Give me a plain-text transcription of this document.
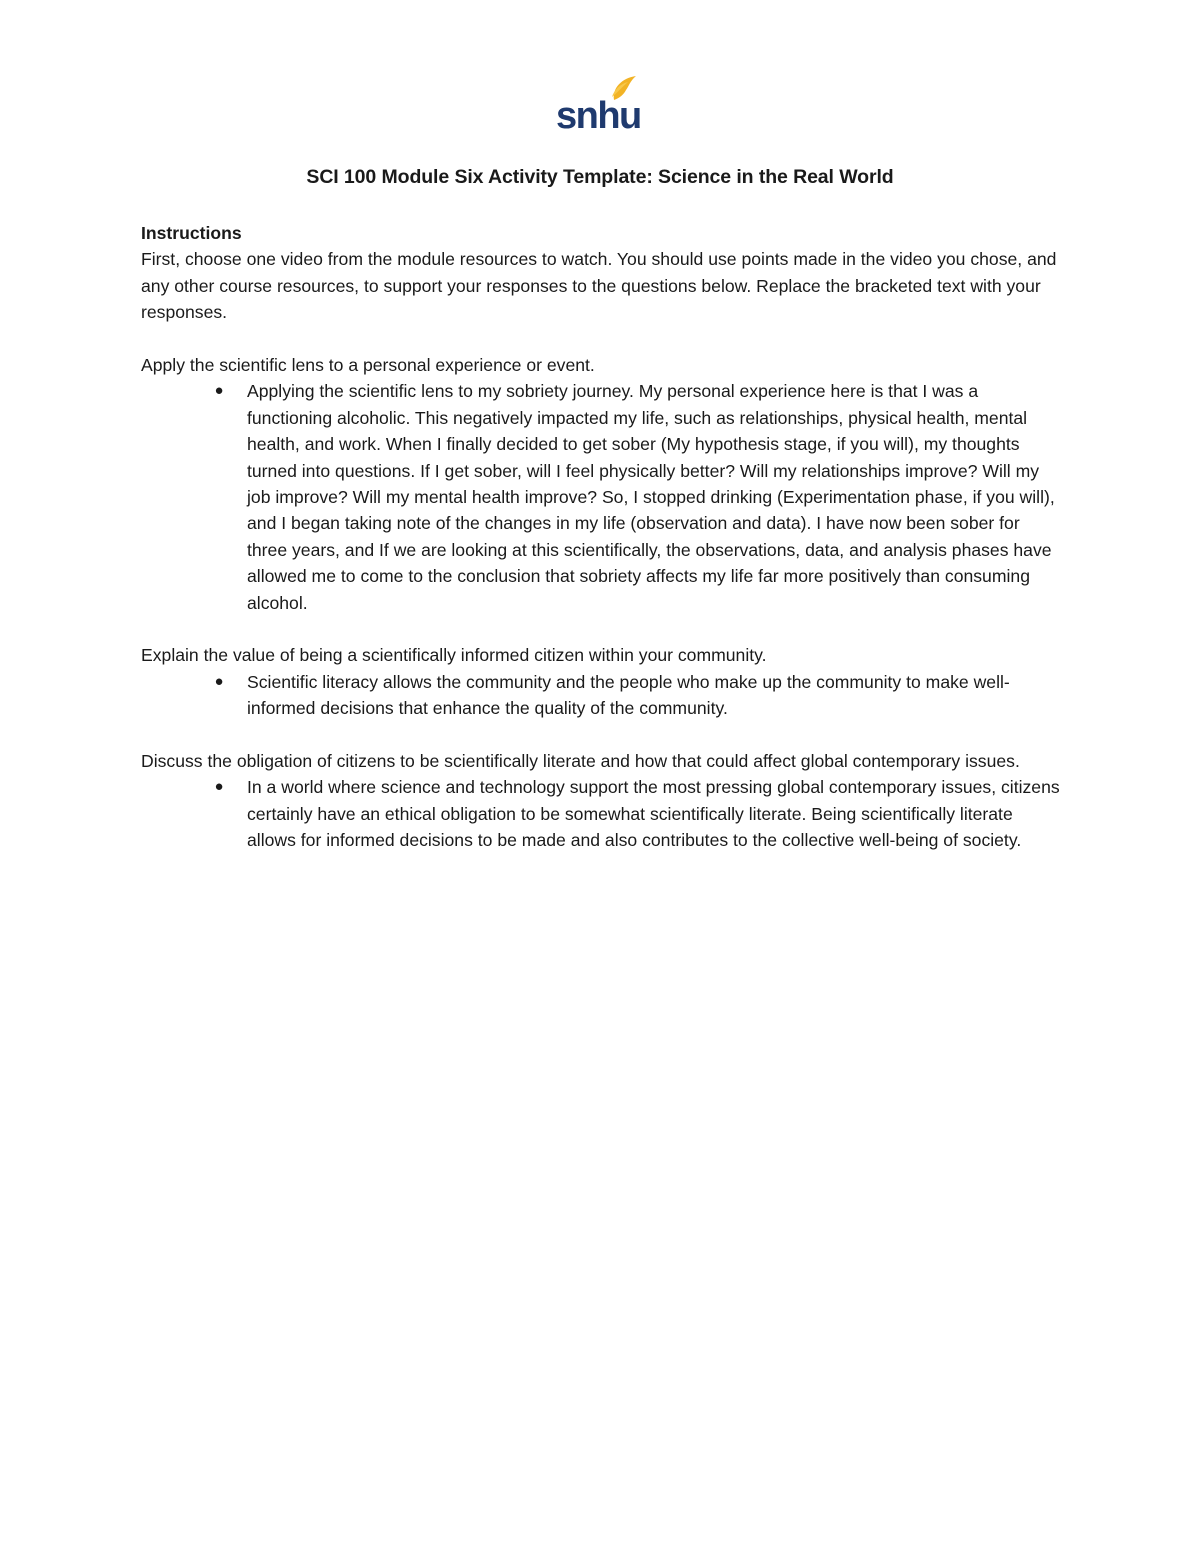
snhu
SCI 100 Module Six Activity Template: Science in the Real World

Instructions

First, choose one video from the module resources to watch. You should use points made in the video you chose, and any other course resources, to support your responses to the questions below. Replace the bracketed text with your responses.

Apply the scientific lens to a personal experience or event.

● Applying the scientific lens to my sobriety journey. My personal experience here is that I was a functioning alcoholic. This negatively impacted my life, such as relationships, physical health, mental health, and work. When I finally decided to get sober (My hypothesis stage, if you will), my thoughts turned into questions. If I get sober, will I feel physically better? Will my relationships improve? Will my job improve? Will my mental health improve? So, I stopped drinking (Experimentation phase, if you will), and I began taking note of the changes in my life (observation and data). I have now been sober for three years, and If we are looking at this scientifically, the observations, data, and analysis phases have allowed me to come to the conclusion that sobriety affects my life far more positively than consuming alcohol.

Explain the value of being a scientifically informed citizen within your community.

● Scientific literacy allows the community and the people who make up the community to make well-informed decisions that enhance the quality of the community.

Discuss the obligation of citizens to be scientifically literate and how that could affect global contemporary issues.

● In a world where science and technology support the most pressing global contemporary issues, citizens certainly have an ethical obligation to be somewhat scientifically literate. Being scientifically literate allows for informed decisions to be made and also contributes to the collective well-being of society.
